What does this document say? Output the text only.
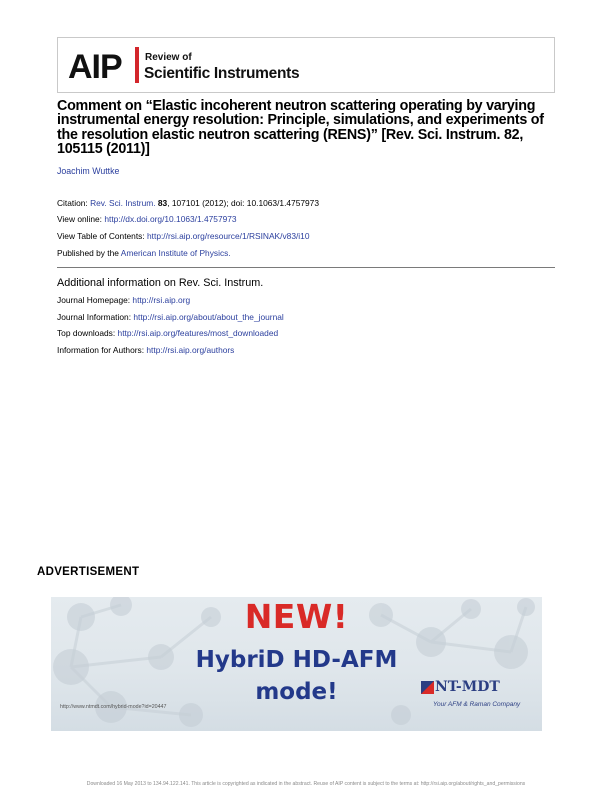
AIP Review of
Scientific Instruments
Comment on “Elastic incoherent neutron scattering operating by varying instrumental energy resolution: Principle, simulations, and experiments of the resolution elastic neutron scattering (RENS)” [Rev. Sci. Instrum. 82, 105115 (2011)]
Joachim Wuttke
Citation: Rev. Sci. Instrum. 83, 107101 (2012); doi: 10.1063/1.4757973
View online: http://dx.doi.org/10.1063/1.4757973
View Table of Contents: http://rsi.aip.org/resource/1/RSINAK/v83/i10
Published by the American Institute of Physics.
Additional information on Rev. Sci. Instrum.
Journal Homepage: http://rsi.aip.org
Journal Information: http://rsi.aip.org/about/about_the_journal
Top downloads: http://rsi.aip.org/features/most_downloaded
Information for Authors: http://rsi.aip.org/authors
ADVERTISEMENT
NEW!
HybriD HD-AFM
mode!
http://www.ntmdt.com/hybrid-mode?id=20447
NT-MDT
Your AFM & Raman Company
Downloaded 16 May 2013 to 134.94.122.141. This article is copyrighted as indicated in the abstract. Reuse of AIP content is subject to the terms at: http://rsi.aip.org/about/rights_and_permissions
